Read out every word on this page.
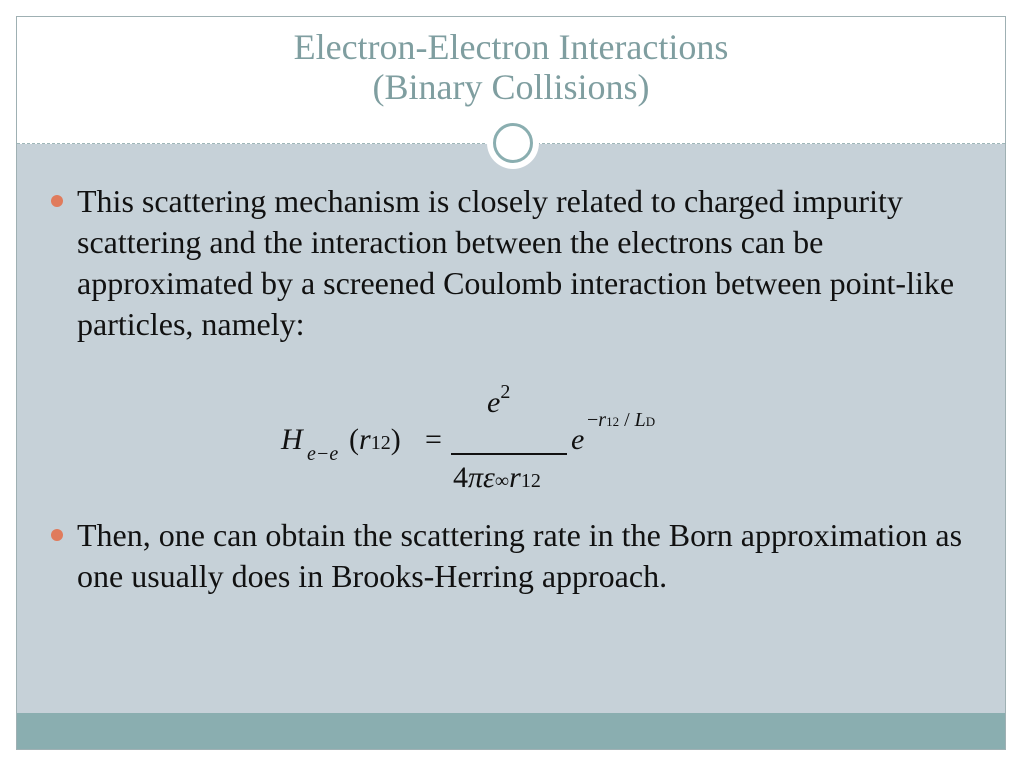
Electron-Electron Interactions
(Binary Collisions)
This scattering mechanism is closely related to charged impurity scattering and the interaction between the electrons can be approximated by a screened Coulomb interaction between point-like particles, namely:
H e−e (r12) =
$e^2$
4πε∞r12
e
−r12 / LD
Then, one can obtain the scattering rate in the Born approximation as one usually does in Brooks-Herring approach.
